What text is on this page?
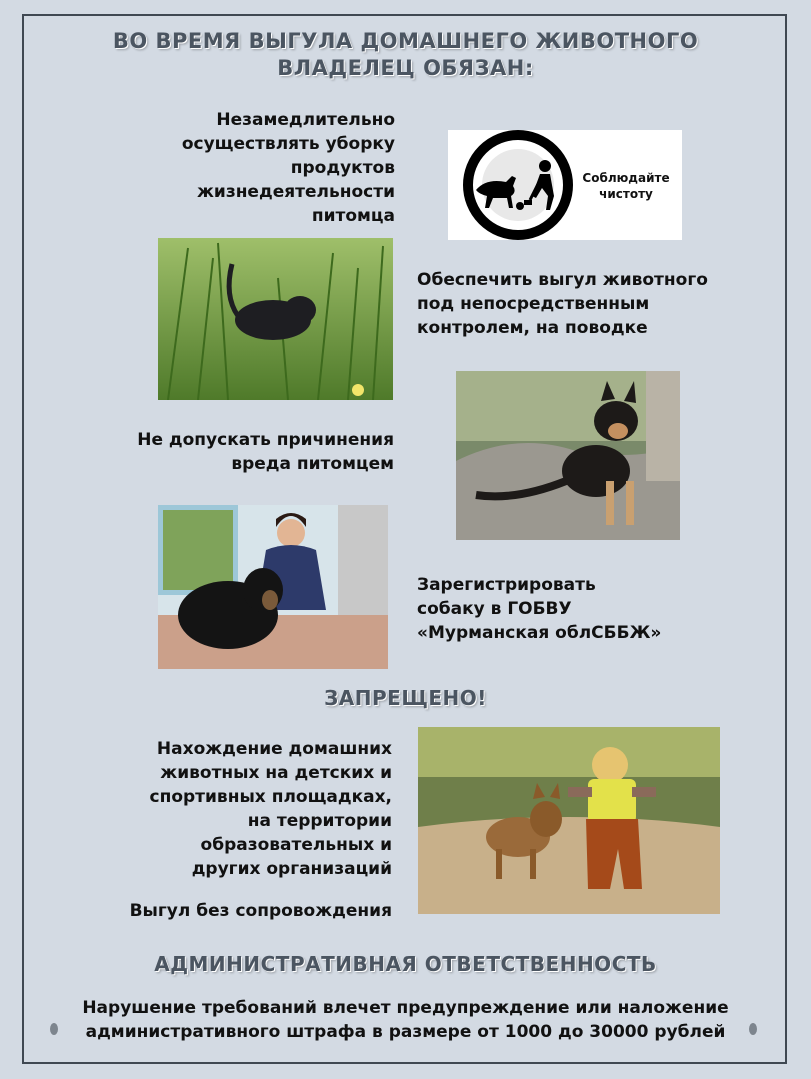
ВО ВРЕМЯ ВЫГУЛА ДОМАШНЕГО ЖИВОТНОГО
ВЛАДЕЛЕЦ ОБЯЗАН:
Незамедлительно
осуществлять уборку
продуктов
жизнедеятельности
питомца
Соблюдайте
чистоту
Обеспечить выгул животного
под непосредственным
контролем, на поводке
Не допускать причинения
вреда питомцем
Зарегистрировать
собаку в ГОБВУ
«Мурманская облСББЖ»
ЗАПРЕЩЕНО!
Нахождение домашних
животных на детских и
спортивных площадках,
на территории
образовательных и
других организаций
Выгул без сопровождения
АДМИНИСТРАТИВНАЯ ОТВЕТСТВЕННОСТЬ
Нарушение требований влечет предупреждение или наложение
административного штрафа в размере от 1000 до 30000 рублей
